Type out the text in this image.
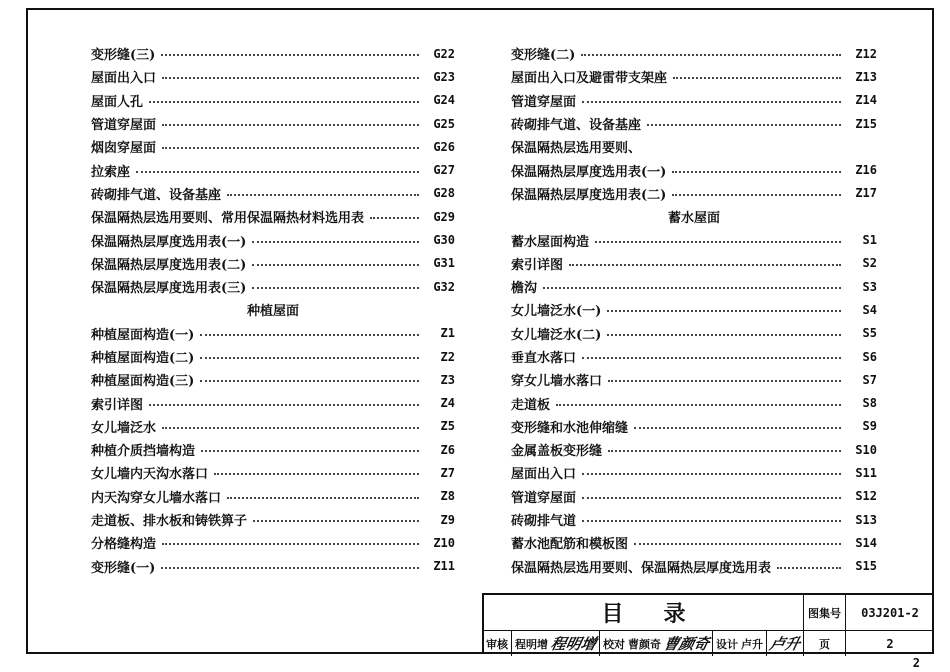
变形缝(三)	G22
屋面出入口	G23
屋面人孔	G24
管道穿屋面	G25
烟囱穿屋面	G26
拉索座	G27
砖砌排气道、设备基座	G28
保温隔热层选用要则、常用保温隔热材料选用表	G29
保温隔热层厚度选用表(一)	G30
保温隔热层厚度选用表(二)	G31
保温隔热层厚度选用表(三)	G32
种植屋面
种植屋面构造(一)	Z1
种植屋面构造(二)	Z2
种植屋面构造(三)	Z3
索引详图	Z4
女儿墙泛水	Z5
种植介质挡墙构造	Z6
女儿墙内天沟水落口	Z7
内天沟穿女儿墙水落口	Z8
走道板、排水板和铸铁箅子	Z9
分格缝构造	Z10
变形缝(一)	Z11
变形缝(二)	Z12
屋面出入口及避雷带支架座	Z13
管道穿屋面	Z14
砖砌排气道、设备基座	Z15
保温隔热层选用要则、
保温隔热层厚度选用表(一)	Z16
保温隔热层厚度选用表(二)	Z17
蓄水屋面
蓄水屋面构造	S1
索引详图	S2
檐沟	S3
女儿墙泛水(一)	S4
女儿墙泛水(二)	S5
垂直水落口	S6
穿女儿墙水落口	S7
走道板	S8
变形缝和水池伸缩缝	S9
金属盖板变形缝	S10
屋面出入口	S11
管道穿屋面	S12
砖砌排气道	S13
蓄水池配筋和模板图	S14
保温隔热层选用要则、保温隔热层厚度选用表	S15
目录	图集号	03J201-2
审核 程明增 程明增 校对 曹颜奇 曹颜奇 设计 卢升 卢升	页	2
2
